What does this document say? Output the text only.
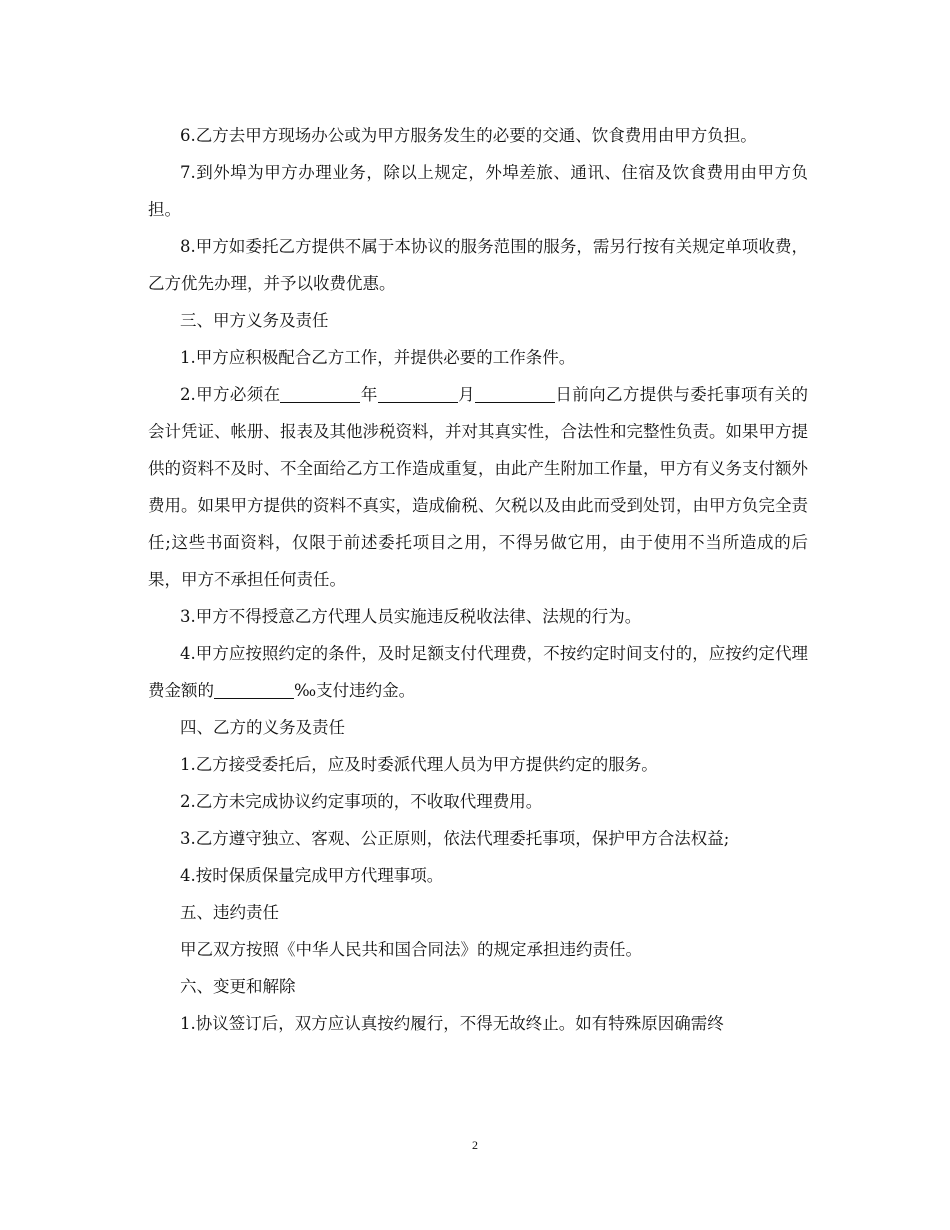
6.乙方去甲方现场办公或为甲方服务发生的必要的交通、饮食费用由甲方负担。

7.到外埠为甲方办理业务，除以上规定，外埠差旅、通讯、住宿及饮食费用由甲方负担。

8.甲方如委托乙方提供不属于本协议的服务范围的服务，需另行按有关规定单项收费，乙方优先办理，并予以收费优惠。

三、甲方义务及责任

1.甲方应积极配合乙方工作，并提供必要的工作条件。

2.甲方必须在	年	月	日前向乙方提供与委托事项有关的会计凭证、帐册、报表及其他涉税资料，并对其真实性，合法性和完整性负责。如果甲方提供的资料不及时、不全面给乙方工作造成重复，由此产生附加工作量，甲方有义务支付额外费用。如果甲方提供的资料不真实，造成偷税、欠税以及由此而受到处罚，由甲方负完全责任;这些书面资料，仅限于前述委托项目之用，不得另做它用，由于使用不当所造成的后果，甲方不承担任何责任。

3.甲方不得授意乙方代理人员实施违反税收法律、法规的行为。

4.甲方应按照约定的条件，及时足额支付代理费，不按约定时间支付的，应按约定代理费金额的	‰支付违约金。

四、乙方的义务及责任

1.乙方接受委托后，应及时委派代理人员为甲方提供约定的服务。

2.乙方未完成协议约定事项的，不收取代理费用。

3.乙方遵守独立、客观、公正原则，依法代理委托事项，保护甲方合法权益;

4.按时保质保量完成甲方代理事项。

五、违约责任

甲乙双方按照《中华人民共和国合同法》的规定承担违约责任。

六、变更和解除

1.协议签订后，双方应认真按约履行，不得无故终止。如有特殊原因确需终

2
